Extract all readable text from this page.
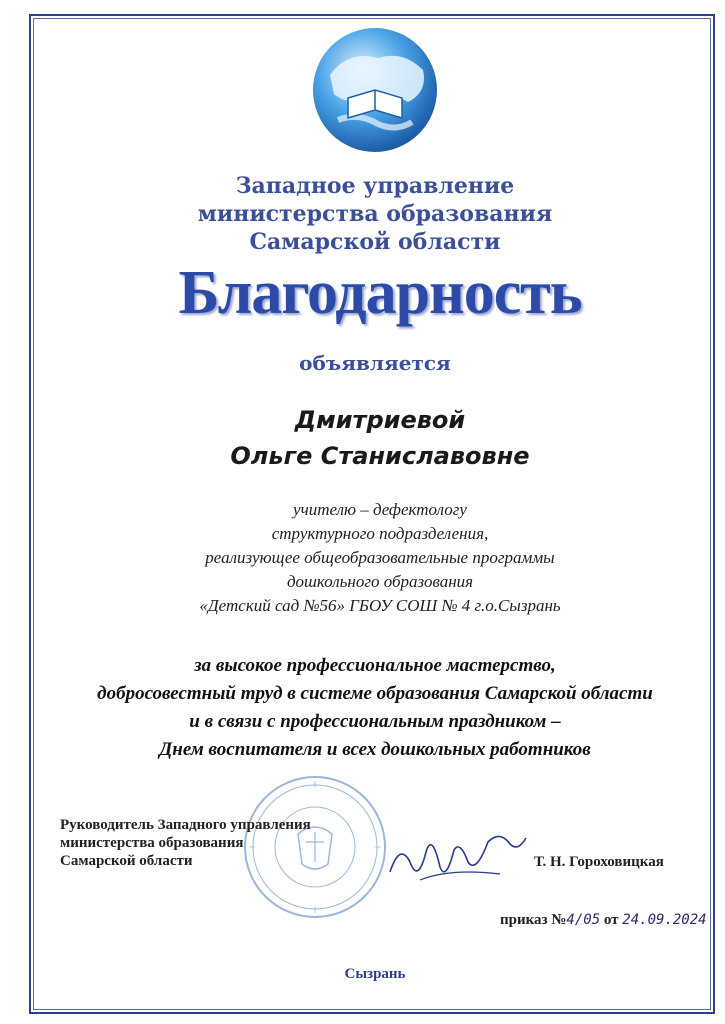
Западное управление
министерства образования
Самарской области
Благодарность
объявляется
Дмитриевой
Ольге Станиславовне
учителю – дефектологу
структурного подразделения,
реализующее общеобразовательные программы
дошкольного образования
«Детский сад №56» ГБОУ СОШ № 4 г.о.Сызрань
за высокое профессиональное мастерство,
добросовестный труд в системе образования Самарской области
и в связи с профессиональным праздником –
Днем воспитателя и всех дошкольных работников
Руководитель Западного управления
министерства образования
Самарской области	Т. Н. Гороховицкая
приказ №4/05 от 24.09.2024
Сызрань
